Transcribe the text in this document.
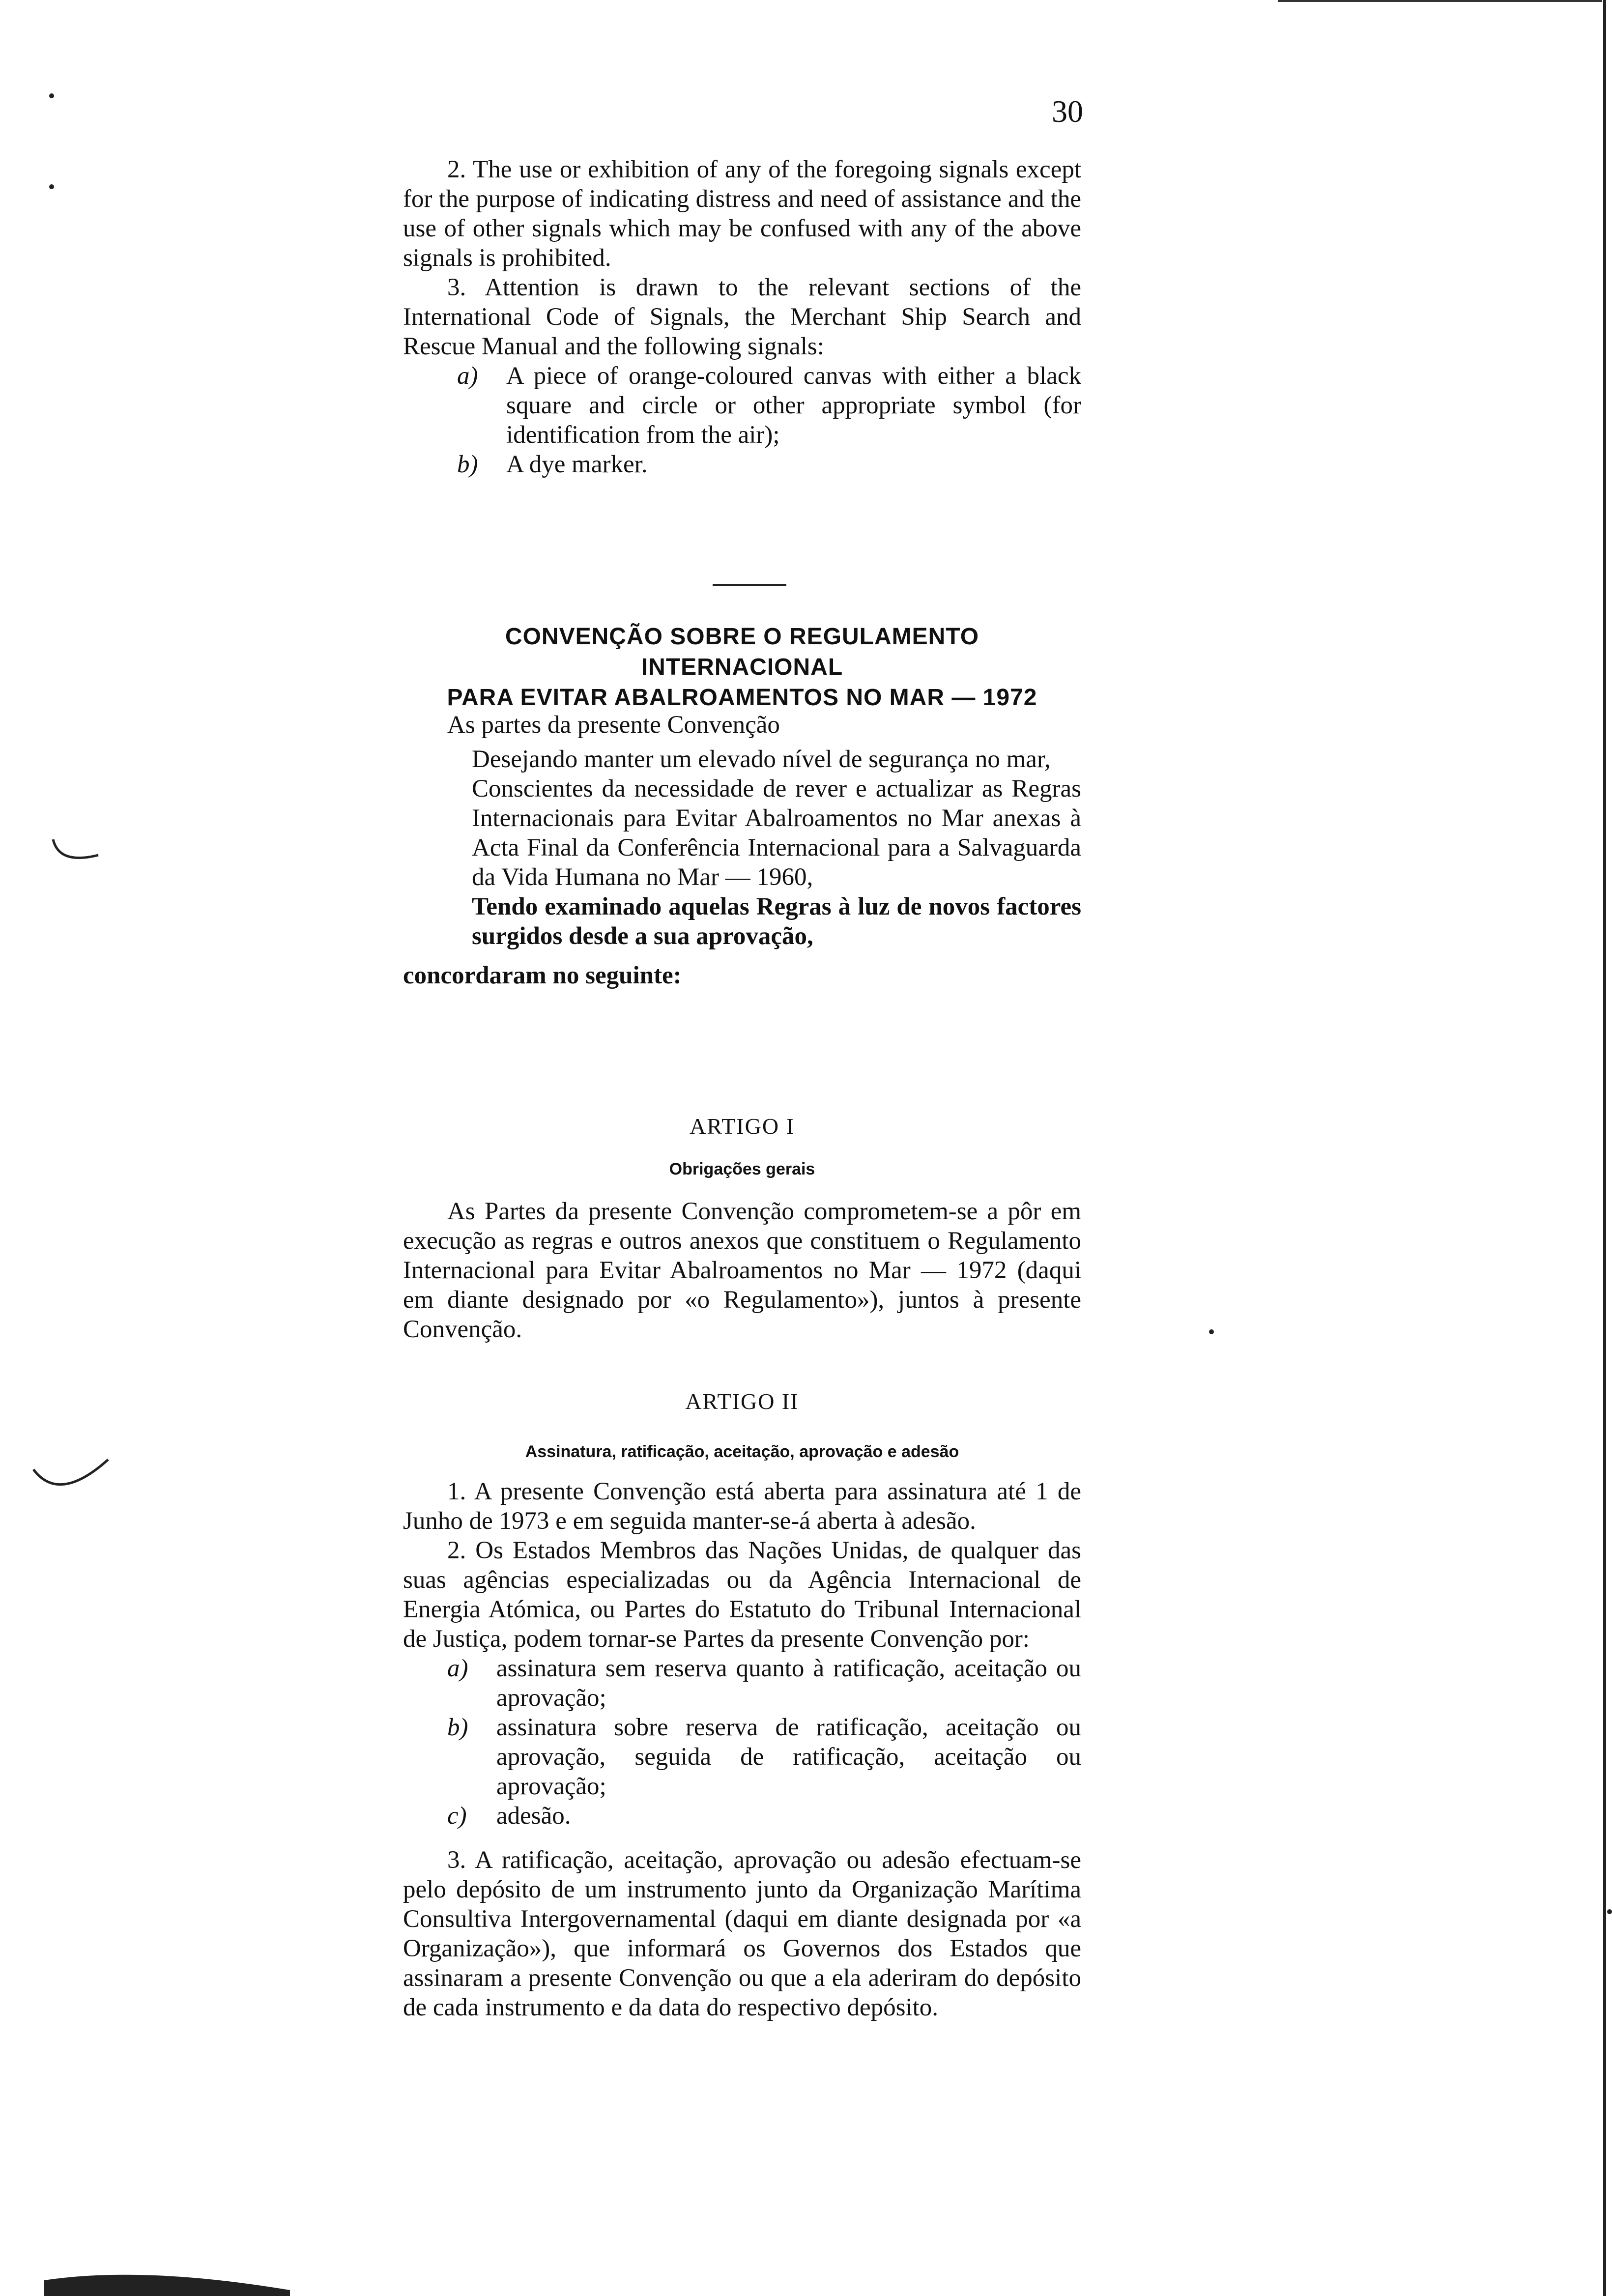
30

2. The use or exhibition of any of the foregoing signals except for the purpose of indicating distress and need of assistance and the use of other signals which may be confused with any of the above signals is prohibited.

3. Attention is drawn to the relevant sections of the International Code of Signals, the Merchant Ship Search and Rescue Manual and the following signals:

a) A piece of orange-coloured canvas with either a black square and circle or other appropriate symbol (for identification from the air);
b) A dye marker.
CONVENÇÃO SOBRE O REGULAMENTO INTERNACIONAL
PARA EVITAR ABALROAMENTOS NO MAR — 1972

As partes da presente Convenção

Desejando manter um elevado nível de segurança no mar,

Conscientes da necessidade de rever e actualizar as Regras Internacionais para Evitar Abalroamentos no Mar anexas à Acta Final da Conferência Internacional para a Salvaguarda da Vida Humana no Mar — 1960,

Tendo examinado aquelas Regras à luz de novos factores surgidos desde a sua aprovação,

concordaram no seguinte:

ARTIGO I
Obrigações gerais

As Partes da presente Convenção comprometem-se a pôr em execução as regras e outros anexos que constituem o Regulamento Internacional para Evitar Abalroamentos no Mar — 1972 (daqui em diante designado por «o Regulamento»), juntos à presente Convenção.

ARTIGO II
Assinatura, ratificação, aceitação, aprovação e adesão

1. A presente Convenção está aberta para assinatura até 1 de Junho de 1973 e em seguida manter-se-á aberta à adesão.

2. Os Estados Membros das Nações Unidas, de qualquer das suas agências especializadas ou da Agência Internacional de Energia Atómica, ou Partes do Estatuto do Tribunal Internacional de Justiça, podem tornar-se Partes da presente Convenção por:

a) assinatura sem reserva quanto à ratificação, aceitação ou aprovação;
b) assinatura sobre reserva de ratificação, aceitação ou aprovação, seguida de ratificação, aceitação ou aprovação;
c) adesão.

3. A ratificação, aceitação, aprovação ou adesão efectuam-se pelo depósito de um instrumento junto da Organização Marítima Consultiva Intergovernamental (daqui em diante designada por «a Organização»), que informará os Governos dos Estados que assinaram a presente Convenção ou que a ela aderiram do depósito de cada instrumento e da data do respectivo depósito.
